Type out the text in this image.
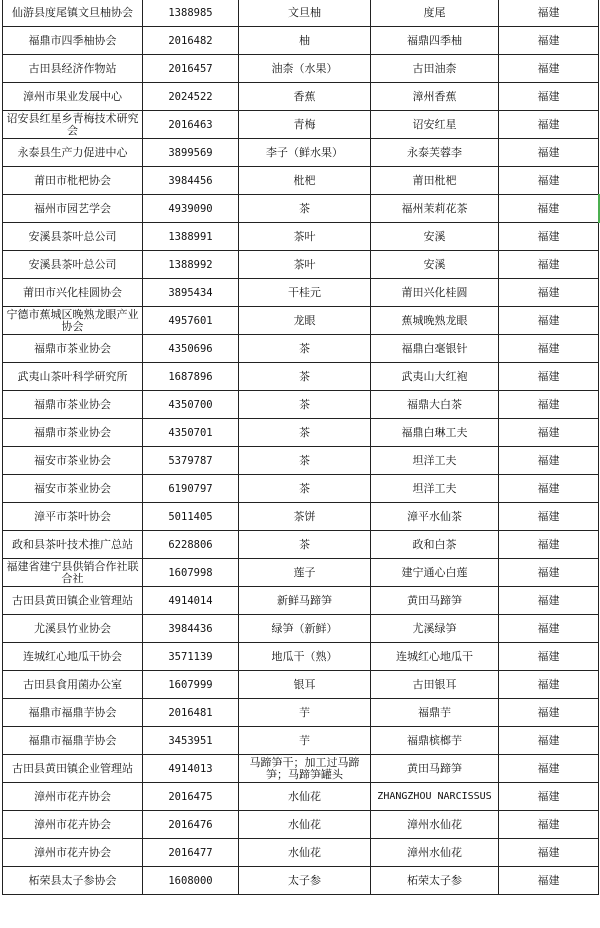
仙游县度尾镇文旦柚协会	1388985	文旦柚	度尾	福建
福鼎市四季柚协会	2016482	柚	福鼎四季柚	福建
古田县经济作物站	2016457	油柰（水果）	古田油柰	福建
漳州市果业发展中心	2024522	香蕉	漳州香蕉	福建
诏安县红星乡青梅技术研究会	2016463	青梅	诏安红星	福建
永泰县生产力促进中心	3899569	李子（鲜水果）	永泰芙蓉李	福建
莆田市枇杷协会	3984456	枇杷	莆田枇杷	福建
福州市园艺学会	4939090	茶	福州茉莉花茶	福建
安溪县茶叶总公司	1388991	茶叶	安溪	福建
安溪县茶叶总公司	1388992	茶叶	安溪	福建
莆田市兴化桂圆协会	3895434	干桂元	莆田兴化桂圆	福建
宁德市蕉城区晚熟龙眼产业协会	4957601	龙眼	蕉城晚熟龙眼	福建
福鼎市茶业协会	4350696	茶	福鼎白毫银针	福建
武夷山茶叶科学研究所	1687896	茶	武夷山大红袍	福建
福鼎市茶业协会	4350700	茶	福鼎大白茶	福建
福鼎市茶业协会	4350701	茶	福鼎白琳工夫	福建
福安市茶业协会	5379787	茶	坦洋工夫	福建
福安市茶业协会	6190797	茶	坦洋工夫	福建
漳平市茶叶协会	5011405	茶饼	漳平水仙茶	福建
政和县茶叶技术推广总站	6228806	茶	政和白茶	福建
福建省建宁县供销合作社联合社	1607998	莲子	建宁通心白莲	福建
古田县黄田镇企业管理站	4914014	新鲜马蹄笋	黄田马蹄笋	福建
尤溪县竹业协会	3984436	绿笋（新鲜）	尤溪绿笋	福建
连城红心地瓜干协会	3571139	地瓜干（熟）	连城红心地瓜干	福建
古田县食用菌办公室	1607999	银耳	古田银耳	福建
福鼎市福鼎芋协会	2016481	芋	福鼎芋	福建
福鼎市福鼎芋协会	3453951	芋	福鼎槟榔芋	福建
古田县黄田镇企业管理站	4914013	马蹄笋干；加工过马蹄笋；马蹄笋罐头	黄田马蹄笋	福建
漳州市花卉协会	2016475	水仙花	ZHANGZHOU NARCISSUS	福建
漳州市花卉协会	2016476	水仙花	漳州水仙花	福建
漳州市花卉协会	2016477	水仙花	漳州水仙花	福建
柘荣县太子参协会	1608000	太子参	柘荣太子参	福建
